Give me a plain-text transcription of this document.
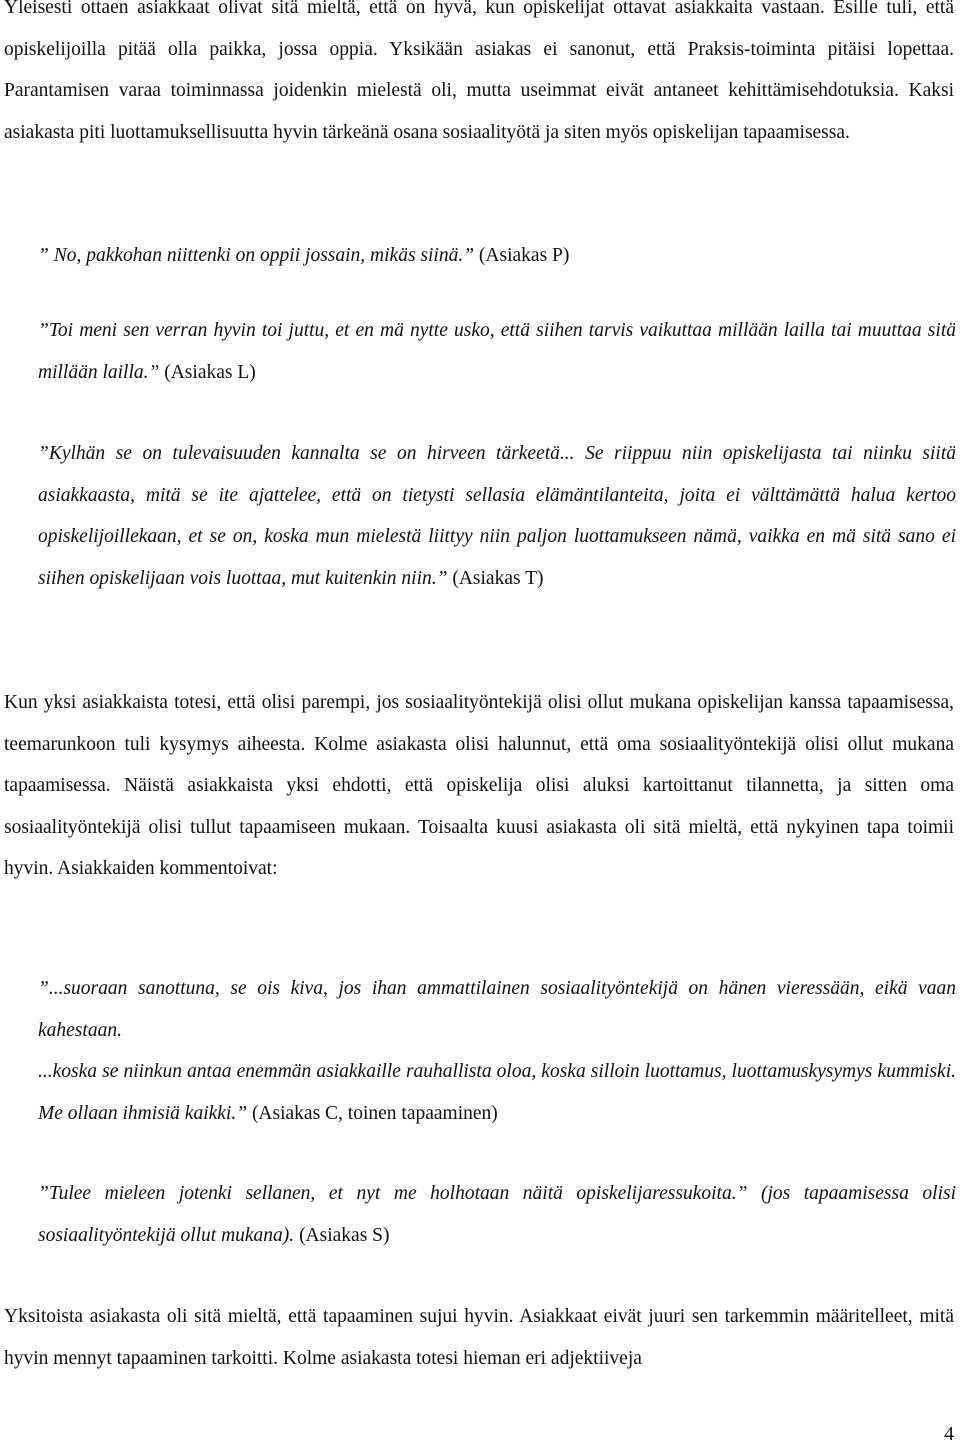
Yleisesti ottaen asiakkaat olivat sitä mieltä, että on hyvä, kun opiskelijat ottavat asiakkaita vastaan. Esille tuli, että opiskelijoilla pitää olla paikka, jossa oppia. Yksikään asiakas ei sanonut, että Praksis-toiminta pitäisi lopettaa. Parantamisen varaa toiminnassa joidenkin mielestä oli, mutta useimmat eivät antaneet kehittämisehdotuksia. Kaksi asiakasta piti luottamuksellisuutta hyvin tärkeänä osana sosiaalityötä ja siten myös opiskelijan tapaamisessa.

” No, pakkohan niittenki on oppii jossain, mikäs siinä.” (Asiakas P)

”Toi meni sen verran hyvin toi juttu, et en mä nytte usko, että siihen tarvis vaikuttaa millään lailla tai muuttaa sitä millään lailla.” (Asiakas L)

”Kylhän se on tulevaisuuden kannalta se on hirveen tärkeetä... Se riippuu niin opiskelijasta tai niinku siitä asiakkaasta, mitä se ite ajattelee, että on tietysti sellasia elämäntilanteita, joita ei välttämättä halua kertoo opiskelijoillekaan, et se on, koska mun mielestä liittyy niin paljon luottamukseen nämä, vaikka en mä sitä sano ei siihen opiskelijaan vois luottaa, mut kuitenkin niin.” (Asiakas T)

Kun yksi asiakkaista totesi, että olisi parempi, jos sosiaalityöntekijä olisi ollut mukana opiskelijan kanssa tapaamisessa, teemarunkoon tuli kysymys aiheesta. Kolme asiakasta olisi halunnut, että oma sosiaalityöntekijä olisi ollut mukana tapaamisessa. Näistä asiakkaista yksi ehdotti, että opiskelija olisi aluksi kartoittanut tilannetta, ja sitten oma sosiaalityöntekijä olisi tullut tapaamiseen mukaan. Toisaalta kuusi asiakasta oli sitä mieltä, että nykyinen tapa toimii hyvin. Asiakkaiden kommentoivat:

”...suoraan sanottuna, se ois kiva, jos ihan ammattilainen sosiaalityöntekijä on hänen vieressään, eikä vaan kahestaan.
...koska se niinkun antaa enemmän asiakkaille rauhallista oloa, koska silloin luottamus, luottamuskysymys kummiski. Me ollaan ihmisiä kaikki.” (Asiakas C, toinen tapaaminen)

”Tulee mieleen jotenki sellanen, et nyt me holhotaan näitä opiskelijaressukoita.” (jos tapaamisessa olisi sosiaalityöntekijä ollut mukana). (Asiakas S)

Yksitoista asiakasta oli sitä mieltä, että tapaaminen sujui hyvin. Asiakkaat eivät juuri sen tarkemmin määritelleet, mitä hyvin mennyt tapaaminen tarkoitti. Kolme asiakasta totesi hieman eri adjektiiveja

4
